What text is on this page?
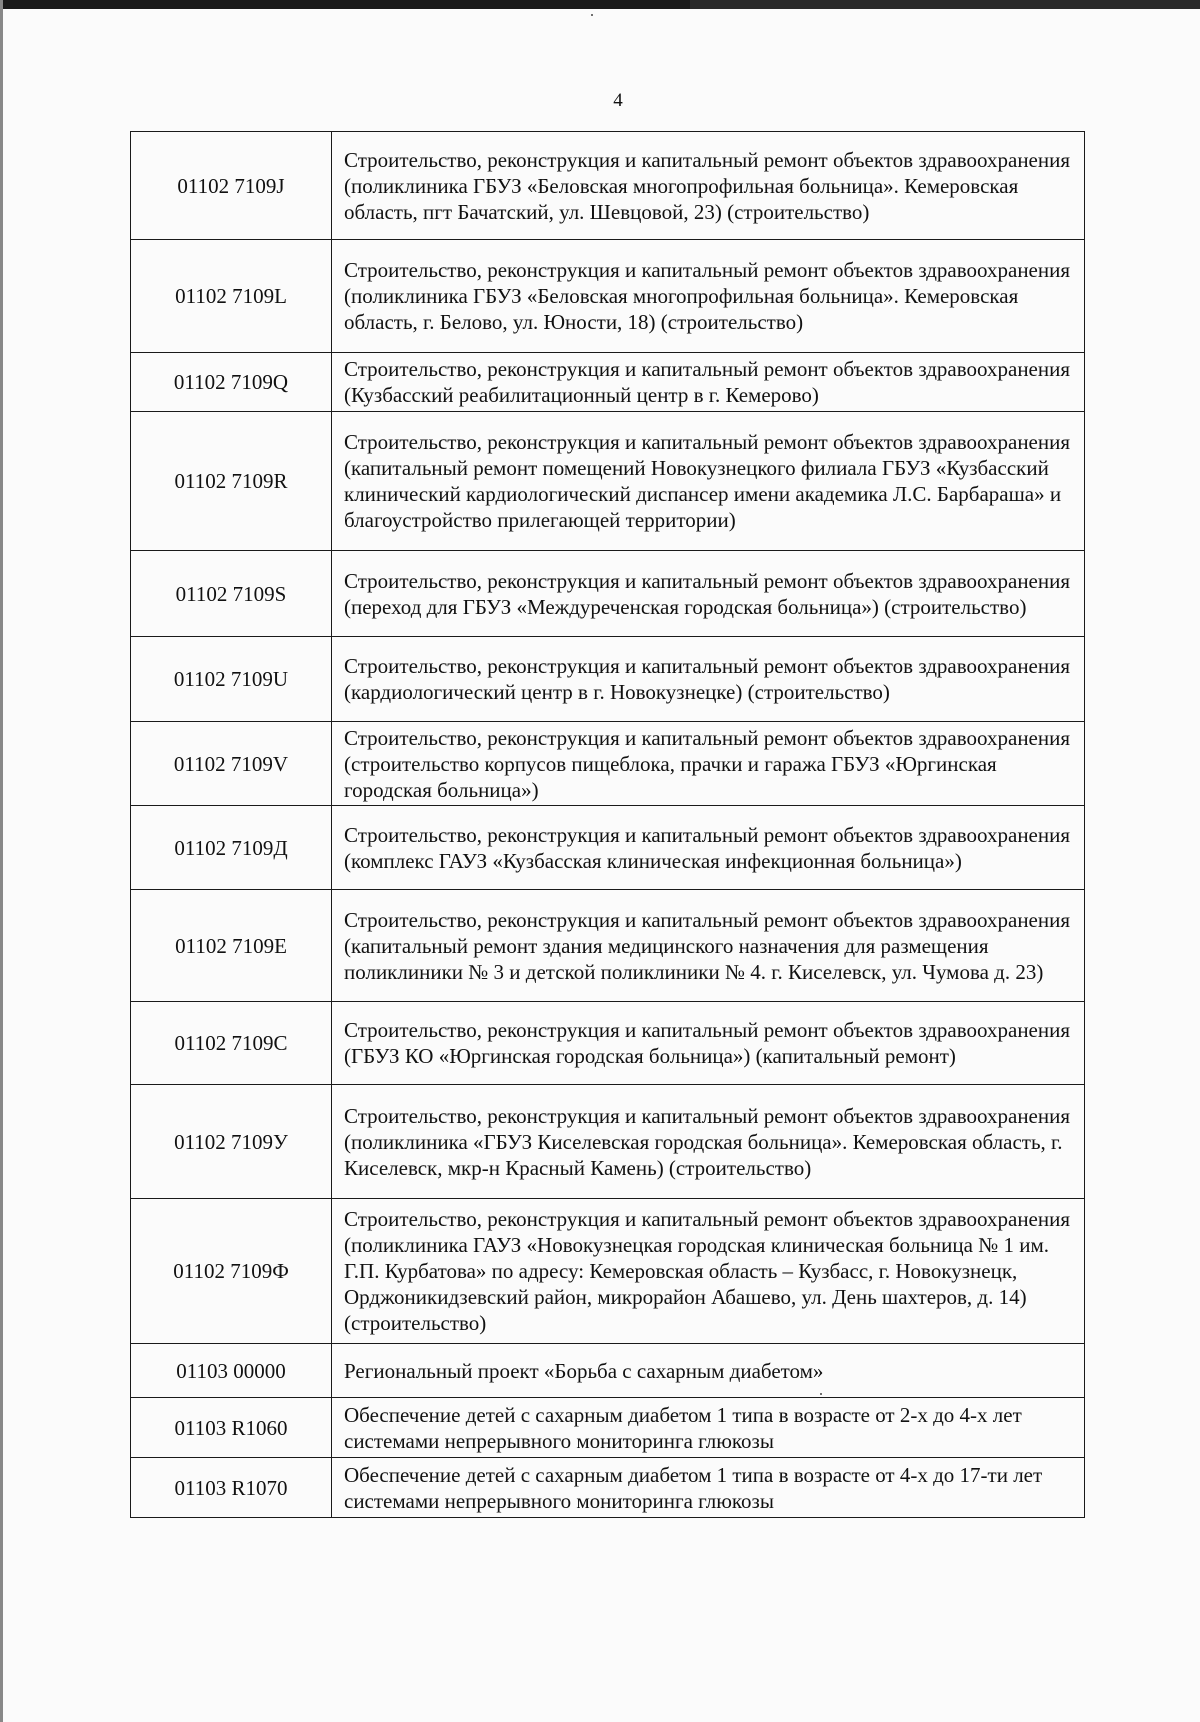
4
01102 7109J	Строительство, реконструкция и капитальный ремонт объектов здравоохранения (поликлиника ГБУЗ «Беловская многопрофильная больница». Кемеровская область, пгт Бачатский, ул. Шевцовой, 23) (строительство)
01102 7109L	Строительство, реконструкция и капитальный ремонт объектов здравоохранения (поликлиника ГБУЗ «Беловская многопрофильная больница». Кемеровская область, г. Белово, ул. Юности, 18) (строительство)
01102 7109Q	Строительство, реконструкция и капитальный ремонт объектов здравоохранения (Кузбасский реабилитационный центр в г. Кемерово)
01102 7109R	Строительство, реконструкция и капитальный ремонт объектов здравоохранения (капитальный ремонт помещений Новокузнецкого филиала ГБУЗ «Кузбасский клинический кардиологический диспансер имени академика Л.С. Барбараша» и благоустройство прилегающей территории)
01102 7109S	Строительство, реконструкция и капитальный ремонт объектов здравоохранения (переход для ГБУЗ «Междуреченская городская больница») (строительство)
01102 7109U	Строительство, реконструкция и капитальный ремонт объектов здравоохранения (кардиологический центр в г. Новокузнецке) (строительство)
01102 7109V	Строительство, реконструкция и капитальный ремонт объектов здравоохранения (строительство корпусов пищеблока, прачки и гаража ГБУЗ «Юргинская городская больница»)
01102 7109Д	Строительство, реконструкция и капитальный ремонт объектов здравоохранения (комплекс ГАУЗ «Кузбасская клиническая инфекционная больница»)
01102 7109Е	Строительство, реконструкция и капитальный ремонт объектов здравоохранения (капитальный ремонт здания медицинского назначения для размещения поликлиники № 3 и детской поликлиники № 4. г. Киселевск, ул. Чумова д. 23)
01102 7109С	Строительство, реконструкция и капитальный ремонт объектов здравоохранения (ГБУЗ КО «Юргинская городская больница») (капитальный ремонт)
01102 7109У	Строительство, реконструкция и капитальный ремонт объектов здравоохранения (поликлиника «ГБУЗ Киселевская городская больница». Кемеровская область, г. Киселевск, мкр-н Красный Камень) (строительство)
01102 7109Ф	Строительство, реконструкция и капитальный ремонт объектов здравоохранения (поликлиника ГАУЗ «Новокузнецкая городская клиническая больница № 1 им. Г.П. Курбатова» по адресу: Кемеровская область – Кузбасс, г. Новокузнецк, Орджоникидзевский район, микрорайон Абашево, ул. День шахтеров, д. 14) (строительство)
01103 00000	Региональный проект «Борьба с сахарным диабетом»
01103 R1060	Обеспечение детей с сахарным диабетом 1 типа в возрасте от 2-х до 4-х лет системами непрерывного мониторинга глюкозы
01103 R1070	Обеспечение детей с сахарным диабетом 1 типа в возрасте от 4-х до 17-ти лет системами непрерывного мониторинга глюкозы
